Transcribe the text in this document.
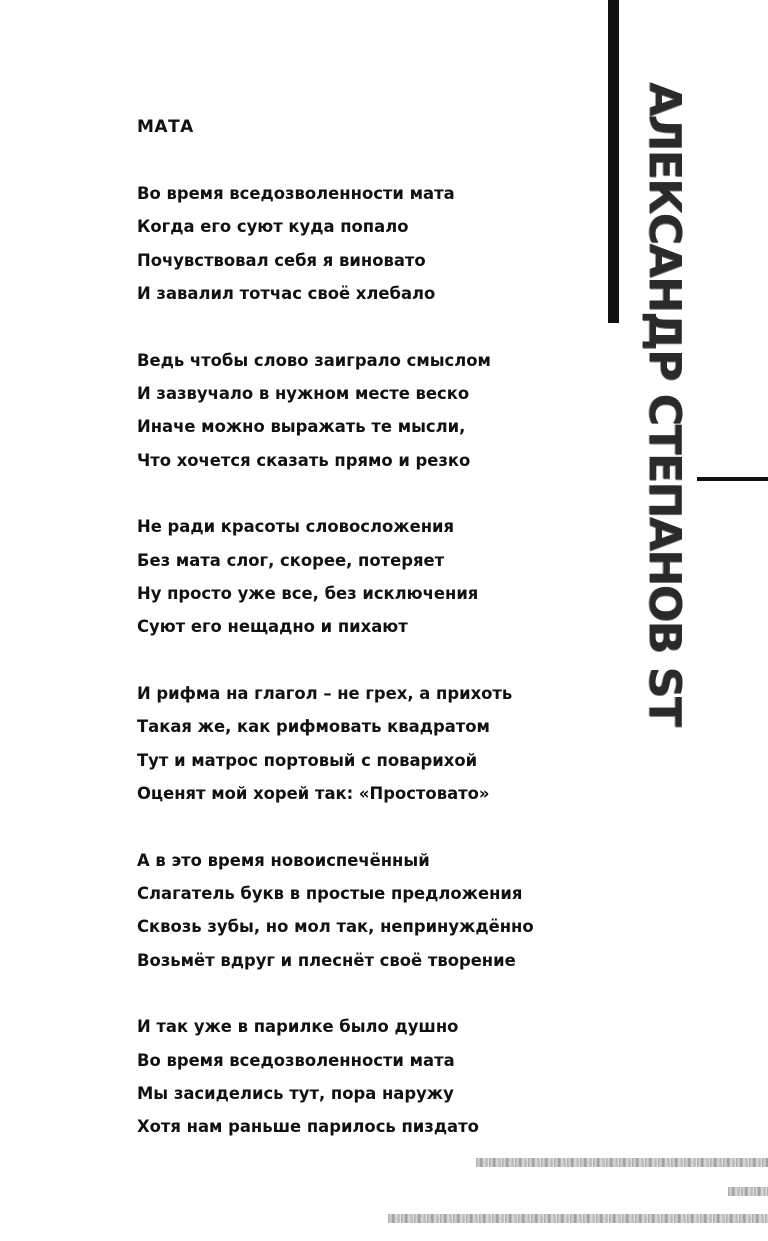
МАТА
Во время вседозволенности мата
Когда его суют куда попало
Почувствовал себя я виновато
И завалил тотчас своё хлебало
Ведь чтобы слово заиграло смыслом
И зазвучало в нужном месте веско
Иначе можно выражать те мысли,
Что хочется сказать прямо и резко
Не ради красоты словосложения
Без мата слог, скорее, потеряет
Ну просто уже все, без исключения
Суют его нещадно и пихают
И рифма на глагол – не грех, а прихоть
Такая же, как рифмовать квадратом
Тут и матрос портовый с поварихой
Оценят мой хорей так: «Простовато»
А в это время новоиспечённый
Слагатель букв в простые предложения
Сквозь зубы, но мол так, непринуждённо
Возьмёт вдруг и плеснёт своё творение
И так уже в парилке было душно
Во время вседозволенности мата
Мы засиделись тут, пора наружу
Хотя нам раньше парилось пиздато
АЛЕКСАНДР СТЕПАНОВST
